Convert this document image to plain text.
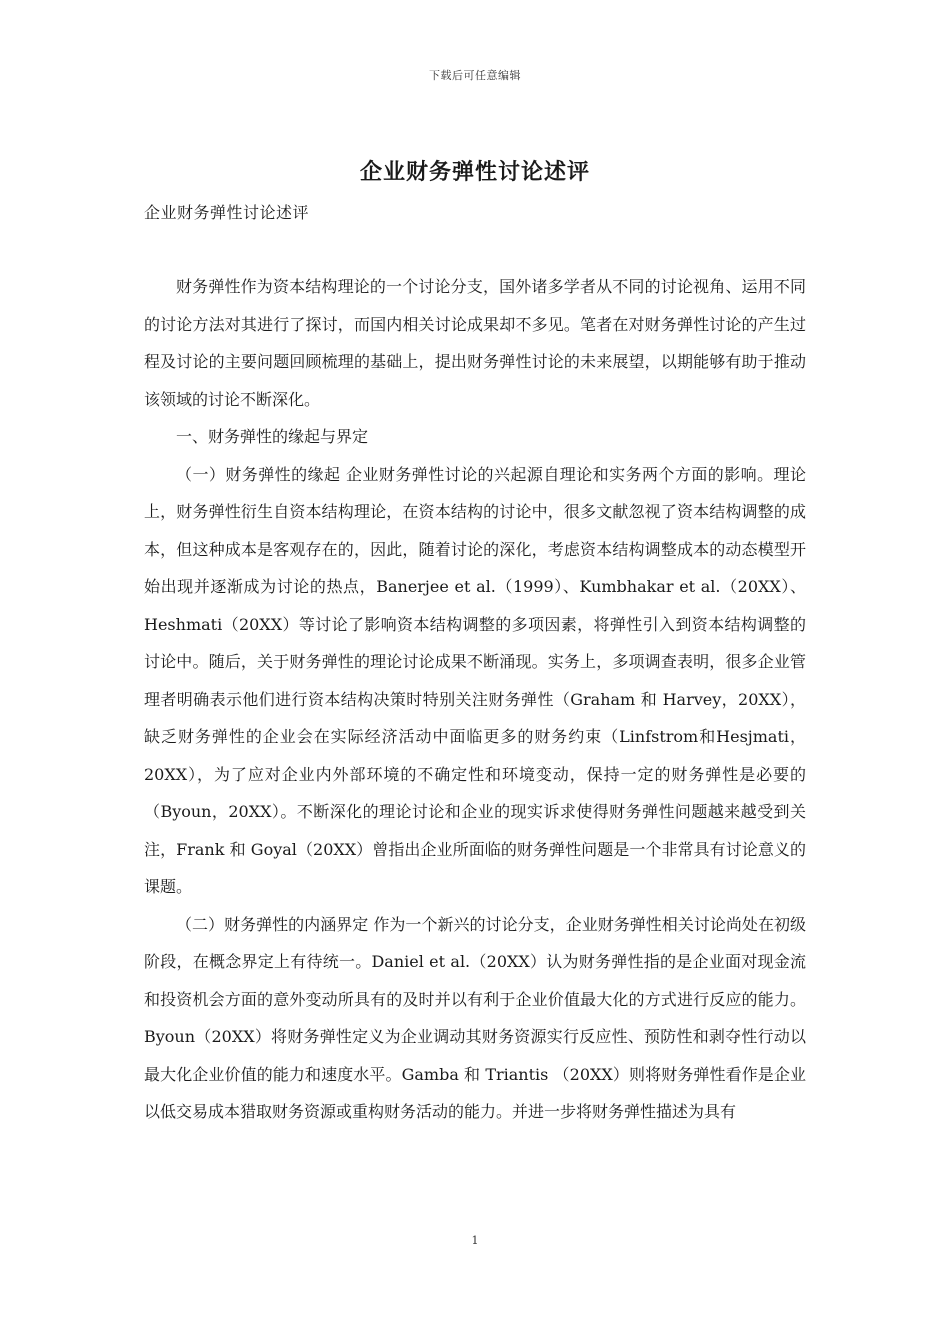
下载后可任意编辑
企业财务弹性讨论述评
企业财务弹性讨论述评

财务弹性作为资本结构理论的一个讨论分支，国外诸多学者从不同的讨论视角、运用不同的讨论方法对其进行了探讨，而国内相关讨论成果却不多见。笔者在对财务弹性讨论的产生过程及讨论的主要问题回顾梳理的基础上，提出财务弹性讨论的未来展望，以期能够有助于推动该领域的讨论不断深化。

一、财务弹性的缘起与界定

（一）财务弹性的缘起 企业财务弹性讨论的兴起源自理论和实务两个方面的影响。理论上，财务弹性衍生自资本结构理论，在资本结构的讨论中，很多文献忽视了资本结构调整的成本，但这种成本是客观存在的，因此，随着讨论的深化，考虑资本结构调整成本的动态模型开始出现并逐渐成为讨论的热点，Banerjee et al.（1999）、Kumbhakar et al.（20XX）、Heshmati（20XX）等讨论了影响资本结构调整的多项因素，将弹性引入到资本结构调整的讨论中。随后，关于财务弹性的理论讨论成果不断涌现。实务上，多项调查表明，很多企业管理者明确表示他们进行资本结构决策时特别关注财务弹性（Graham 和 Harvey，20XX），缺乏财务弹性的企业会在实际经济活动中面临更多的财务约束（Linfstrom和Hesjmati，20XX），为了应对企业内外部环境的不确定性和环境变动，保持一定的财务弹性是必要的（Byoun，20XX）。不断深化的理论讨论和企业的现实诉求使得财务弹性问题越来越受到关注，Frank 和 Goyal（20XX）曾指出企业所面临的财务弹性问题是一个非常具有讨论意义的课题。

（二）财务弹性的内涵界定 作为一个新兴的讨论分支，企业财务弹性相关讨论尚处在初级阶段，在概念界定上有待统一。Daniel et al.（20XX）认为财务弹性指的是企业面对现金流和投资机会方面的意外变动所具有的及时并以有利于企业价值最大化的方式进行反应的能力。Byoun（20XX）将财务弹性定义为企业调动其财务资源实行反应性、预防性和剥夺性行动以最大化企业价值的能力和速度水平。Gamba 和 Triantis （20XX）则将财务弹性看作是企业以低交易成本猎取财务资源或重构财务活动的能力。并进一步将财务弹性描述为具有

1
